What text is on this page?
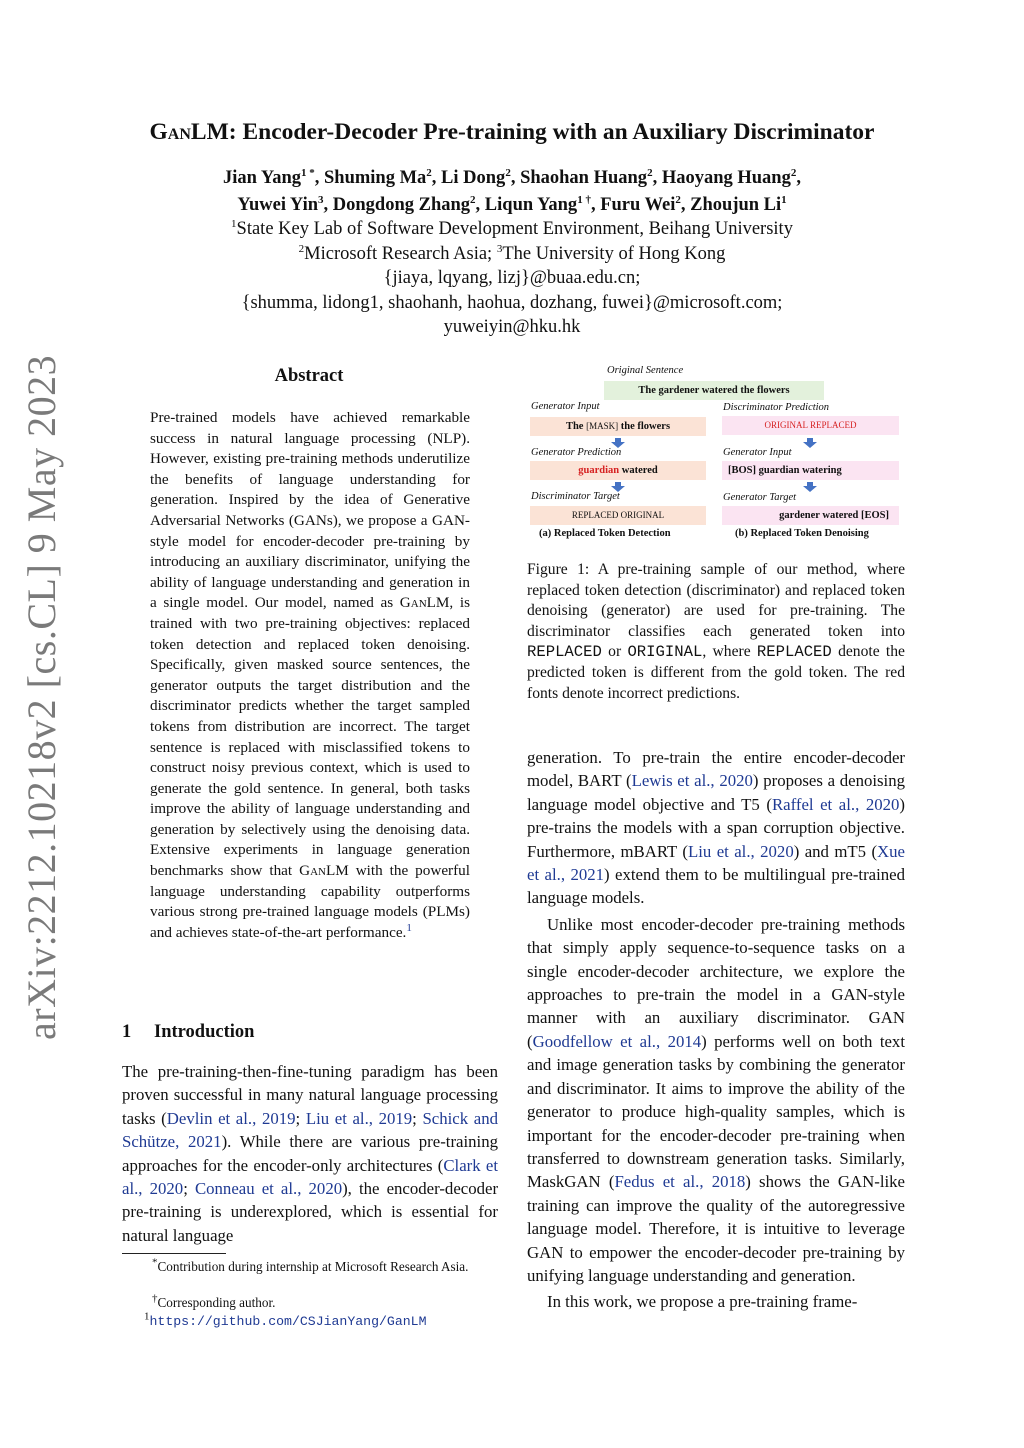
arXiv:2212.10218v2 [cs.CL] 9 May 2023
GanLM: Encoder-Decoder Pre-training with an Auxiliary Discriminator
Jian Yang$^{1 *}$, Shuming Ma$^2$, Li Dong$^2$, Shaohan Huang$^2$, Haoyang Huang$^2$,
Yuwei Yin$^3$, Dongdong Zhang$^2$, Liqun Yang$^{1 \dagger}$, Furu Wei$^2$, Zhoujun Li$^1$
$^1$State Key Lab of Software Development Environment, Beihang University
$^2$Microsoft Research Asia; $^3$The University of Hong Kong
{jiaya, lqyang, lizj}@buaa.edu.cn;
{shumma, lidong1, shaohanh, haohua, dozhang, fuwei}@microsoft.com;
yuweiyin@hku.hk
Abstract
Pre-trained models have achieved remarkable success in natural language processing (NLP). However, existing pre-training methods underutilize the benefits of language understanding for generation. Inspired by the idea of Generative Adversarial Networks (GANs), we propose a GAN-style model for encoder-decoder pre-training by introducing an auxiliary discriminator, unifying the ability of language understanding and generation in a single model. Our model, named as GanLM, is trained with two pre-training objectives: replaced token detection and replaced token denoising. Specifically, given masked source sentences, the generator outputs the target distribution and the discriminator predicts whether the target sampled tokens from distribution are incorrect. The target sentence is replaced with misclassified tokens to construct noisy previous context, which is used to generate the gold sentence. In general, both tasks improve the ability of language understanding and generation by selectively using the denoising data. Extensive experiments in language generation benchmarks show that GanLM with the powerful language understanding capability outperforms various strong pre-trained language models (PLMs) and achieves state-of-the-art performance.$^1$
1 Introduction
The pre-training-then-fine-tuning paradigm has been proven successful in many natural language processing tasks (Devlin et al., 2019; Liu et al., 2019; Schick and Schütze, 2021). While there are various pre-training approaches for the encoder-only architectures (Clark et al., 2020; Conneau et al., 2020), the encoder-decoder pre-training is underexplored, which is essential for natural language
*Contribution during internship at Microsoft Research Asia.
†Corresponding author.
$^1$https://github.com/CSJianYang/GanLM
Original Sentence
The gardener watered the flowers
Generator Input
The [MASK] the flowers
Generator Prediction
guardian watered
Discriminator Target
REPLACED ORIGINAL
(a) Replaced Token Detection
Discriminator Prediction
ORIGINAL REPLACED
Generator Input
[BOS] guardian watering
Generator Target
gardener watered [EOS]
(b) Replaced Token Denoising
Figure 1: A pre-training sample of our method, where replaced token detection (discriminator) and replaced token denoising (generator) are used for pre-training. The discriminator classifies each generated token into REPLACED or ORIGINAL, where REPLACED denote the predicted token is different from the gold token. The red fonts denote incorrect predictions.

generation. To pre-train the entire encoder-decoder model, BART (Lewis et al., 2020) proposes a denoising language model objective and T5 (Raffel et al., 2020) pre-trains the models with a span corruption objective. Furthermore, mBART (Liu et al., 2020) and mT5 (Xue et al., 2021) extend them to be multilingual pre-trained language models.

Unlike most encoder-decoder pre-training methods that simply apply sequence-to-sequence tasks on a single encoder-decoder architecture, we explore the approaches to pre-train the model in a GAN-style manner with an auxiliary discriminator. GAN (Goodfellow et al., 2014) performs well on both text and image generation tasks by combining the generator and discriminator. It aims to improve the ability of the generator to produce high-quality samples, which is important for the encoder-decoder pre-training when transferred to downstream generation tasks. Similarly, MaskGAN (Fedus et al., 2018) shows the GAN-like training can improve the quality of the autoregressive language model. Therefore, it is intuitive to leverage GAN to empower the encoder-decoder pre-training by unifying language understanding and generation.

In this work, we propose a pre-training frame-
